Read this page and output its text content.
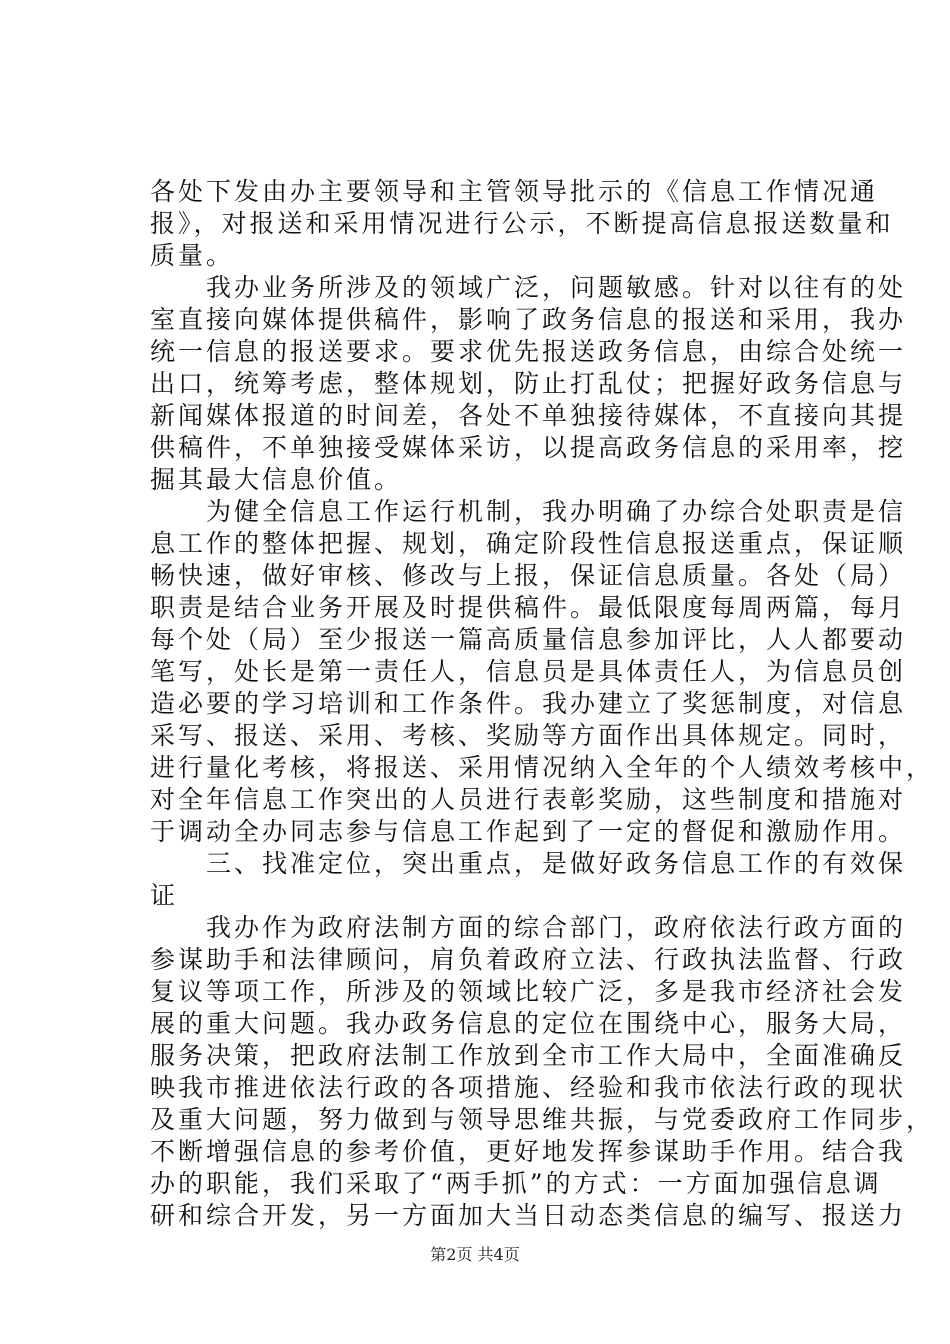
各处下发由办主要领导和主管领导批示的《信息工作情况通
报》，对报送和采用情况进行公示，不断提高信息报送数量和
质量。
　　我办业务所涉及的领域广泛，问题敏感。针对以往有的处
室直接向媒体提供稿件，影响了政务信息的报送和采用，我办
统一信息的报送要求。要求优先报送政务信息，由综合处统一
出口，统筹考虑，整体规划，防止打乱仗；把握好政务信息与
新闻媒体报道的时间差，各处不单独接待媒体，不直接向其提
供稿件，不单独接受媒体采访，以提高政务信息的采用率，挖
掘其最大信息价值。
　　为健全信息工作运行机制，我办明确了办综合处职责是信
息工作的整体把握、规划，确定阶段性信息报送重点，保证顺
畅快速，做好审核、修改与上报，保证信息质量。各处（局）
职责是结合业务开展及时提供稿件。最低限度每周两篇，每月
每个处（局）至少报送一篇高质量信息参加评比，人人都要动
笔写，处长是第一责任人，信息员是具体责任人，为信息员创
造必要的学习培训和工作条件。我办建立了奖惩制度，对信息
采写、报送、采用、考核、奖励等方面作出具体规定。同时，
进行量化考核，将报送、采用情况纳入全年的个人绩效考核中，
对全年信息工作突出的人员进行表彰奖励，这些制度和措施对
于调动全办同志参与信息工作起到了一定的督促和激励作用。
　　三、找准定位，突出重点，是做好政务信息工作的有效保
证
　　我办作为政府法制方面的综合部门，政府依法行政方面的
参谋助手和法律顾问，肩负着政府立法、行政执法监督、行政
复议等项工作，所涉及的领域比较广泛，多是我市经济社会发
展的重大问题。我办政务信息的定位在围绕中心，服务大局，
服务决策，把政府法制工作放到全市工作大局中，全面准确反
映我市推进依法行政的各项措施、经验和我市依法行政的现状
及重大问题，努力做到与领导思维共振，与党委政府工作同步，
不断增强信息的参考价值，更好地发挥参谋助手作用。结合我
办的职能，我们采取了“两手抓”的方式：一方面加强信息调
研和综合开发，另一方面加大当日动态类信息的编写、报送力
第2页 共4页
